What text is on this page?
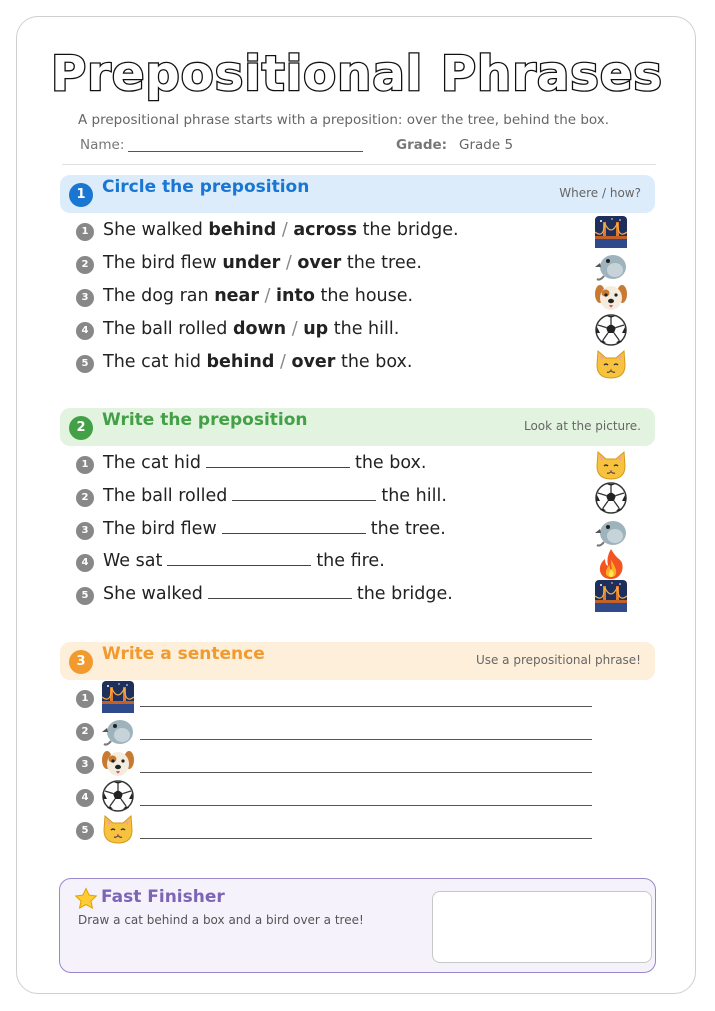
Prepositional Phrases
A prepositional phrase starts with a preposition: over the tree, behind the box.
Name:	Grade: Grade 5
1 Circle the preposition	Where / how?
1 She walked behind / across the bridge.
2 The bird flew under / over the tree.
3 The dog ran near / into the house.
4 The ball rolled down / up the hill.
5 The cat hid behind / over the box.
2 Write the preposition	Look at the picture.
1 The cat hid	the box.
2 The ball rolled	the hill.
3 The bird flew	the tree.
4 We sat	the fire.
5 She walked	the bridge.
3 Write a sentence	Use a prepositional phrase!
1
2
3
4
5
Fast Finisher
Draw a cat behind a box and a bird over a tree!
